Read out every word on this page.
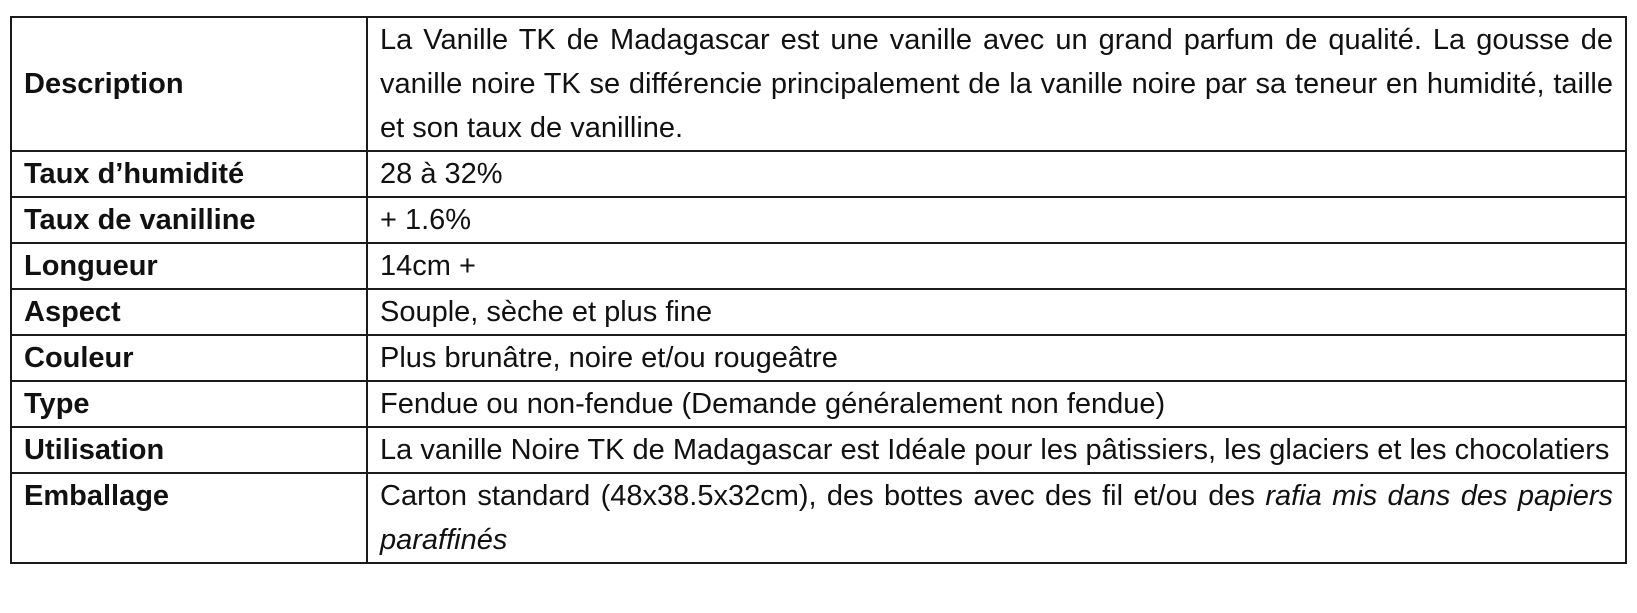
Description	La Vanille TK de Madagascar est une vanille avec un grand parfum de qualité. La gousse de vanille noire TK se différencie principalement de la vanille noire par sa teneur en humidité, taille et son taux de vanilline.
Taux d’humidité	28 à 32%
Taux de vanilline	+ 1.6%
Longueur	14cm +
Aspect	Souple, sèche et plus fine
Couleur	Plus brunâtre, noire et/ou rougeâtre
Type	Fendue ou non-fendue (Demande généralement non fendue)
Utilisation	La vanille Noire TK de Madagascar est Idéale pour les pâtissiers, les glaciers et les chocolatiers
Emballage	Carton standard (48x38.5x32cm), des bottes avec des fil et/ou des rafia mis dans des papiers paraffinés
